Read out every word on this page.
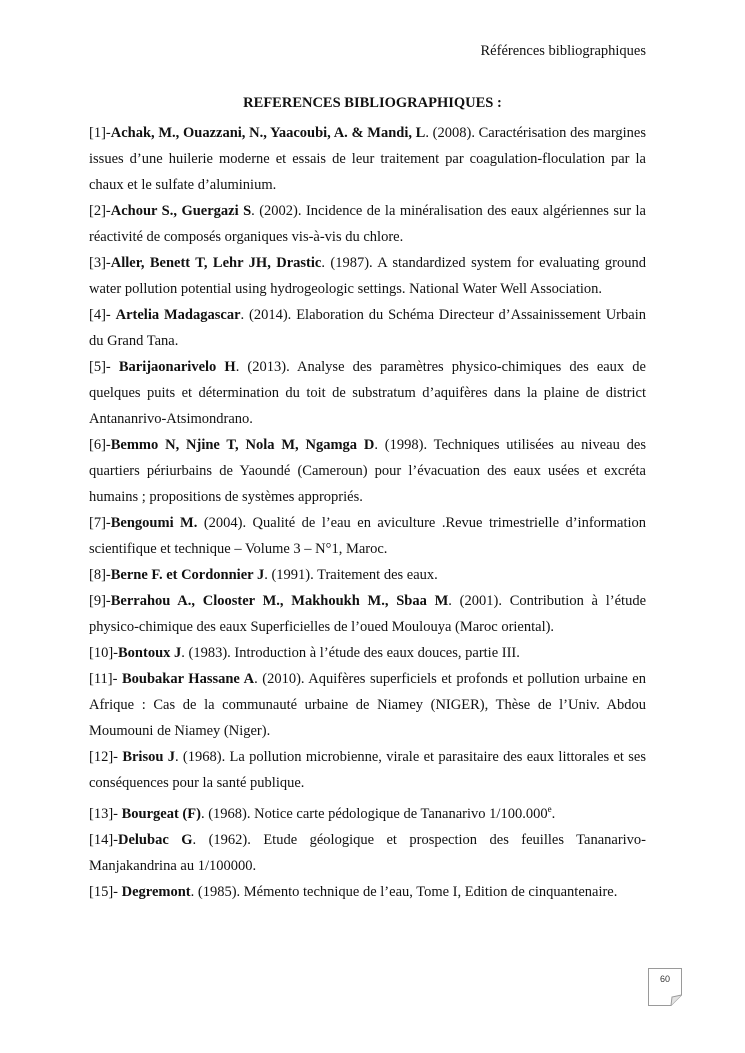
Références bibliographiques
REFERENCES BIBLIOGRAPHIQUES :

[1]-Achak, M., Ouazzani, N., Yaacoubi, A. & Mandi, L. (2008). Caractérisation des margines issues d’une huilerie moderne et essais de leur traitement par coagulation-floculation par la chaux et le sulfate d’aluminium.

[2]-Achour S., Guergazi S. (2002). Incidence de la minéralisation des eaux algériennes sur la réactivité de composés organiques vis-à-vis du chlore.

[3]-Aller, Benett T, Lehr JH, Drastic. (1987). A standardized system for evaluating ground water pollution potential using hydrogeologic settings. National Water Well Association.

[4]- Artelia Madagascar. (2014). Elaboration du Schéma Directeur d’Assainissement Urbain du Grand Tana.

[5]- Barijaonarivelo H. (2013). Analyse des paramètres physico-chimiques des eaux de quelques puits et détermination du toit de substratum d’aquifères dans la plaine de district Antananrivo-Atsimondrano.

[6]-Bemmo N, Njine T, Nola M, Ngamga D. (1998). Techniques utilisées au niveau des quartiers périurbains de Yaoundé (Cameroun) pour l’évacuation des eaux usées et excréta humains ; propositions de systèmes appropriés.

[7]-Bengoumi M. (2004). Qualité de l’eau en aviculture .Revue trimestrielle d’information scientifique et technique – Volume 3 – N°1, Maroc.

[8]-Berne F. et Cordonnier J. (1991). Traitement des eaux.

[9]-Berrahou A., Clooster M., Makhoukh M., Sbaa M. (2001). Contribution à l’étude physico-chimique des eaux Superficielles de l’oued Moulouya (Maroc oriental).

[10]-Bontoux J. (1983). Introduction à l’étude des eaux douces, partie III.

[11]- Boubakar Hassane A. (2010). Aquifères superficiels et profonds et pollution urbaine en Afrique : Cas de la communauté urbaine de Niamey (NIGER), Thèse de l’Univ. Abdou Moumouni de Niamey (Niger).

[12]- Brisou J. (1968). La pollution microbienne, virale et parasitaire des eaux littorales et ses conséquences pour la santé publique.

[13]- Bourgeat (F). (1968). Notice carte pédologique de Tananarivo 1/100.000e.

[14]-Delubac G. (1962). Etude géologique et prospection des feuilles Tananarivo-Manjakandrina au 1/100000.

[15]- Degremont. (1985). Mémento technique de l’eau, Tome I, Edition de cinquantenaire.

60
